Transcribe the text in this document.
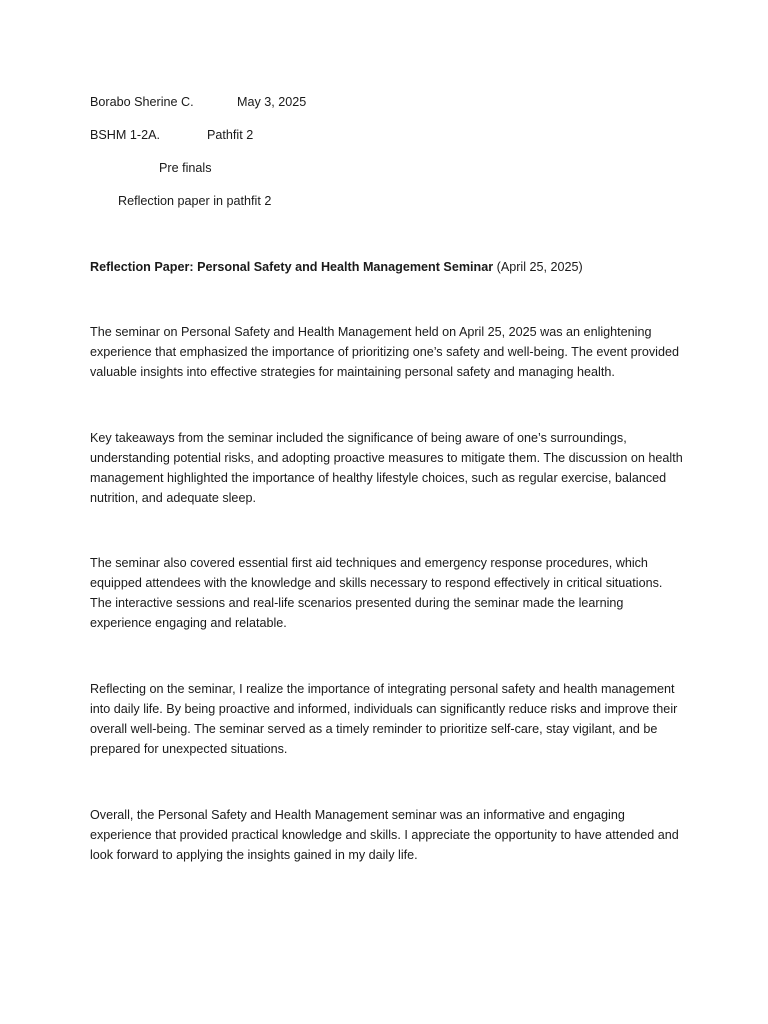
Borabo Sherine C.	May 3, 2025
BSHM 1-2A.	Pathfit 2
Pre finals
Reflection paper in pathfit 2
Reflection Paper: Personal Safety and Health Management Seminar (April 25, 2025)

The seminar on Personal Safety and Health Management held on April 25, 2025 was an enlightening experience that emphasized the importance of prioritizing one’s safety and well-being. The event provided valuable insights into effective strategies for maintaining personal safety and managing health.

Key takeaways from the seminar included the significance of being aware of one’s surroundings, understanding potential risks, and adopting proactive measures to mitigate them. The discussion on health management highlighted the importance of healthy lifestyle choices, such as regular exercise, balanced nutrition, and adequate sleep.

The seminar also covered essential first aid techniques and emergency response procedures, which equipped attendees with the knowledge and skills necessary to respond effectively in critical situations. The interactive sessions and real-life scenarios presented during the seminar made the learning experience engaging and relatable.

Reflecting on the seminar, I realize the importance of integrating personal safety and health management into daily life. By being proactive and informed, individuals can significantly reduce risks and improve their overall well-being. The seminar served as a timely reminder to prioritize self-care, stay vigilant, and be prepared for unexpected situations.

Overall, the Personal Safety and Health Management seminar was an informative and engaging experience that provided practical knowledge and skills. I appreciate the opportunity to have attended and look forward to applying the insights gained in my daily life.
